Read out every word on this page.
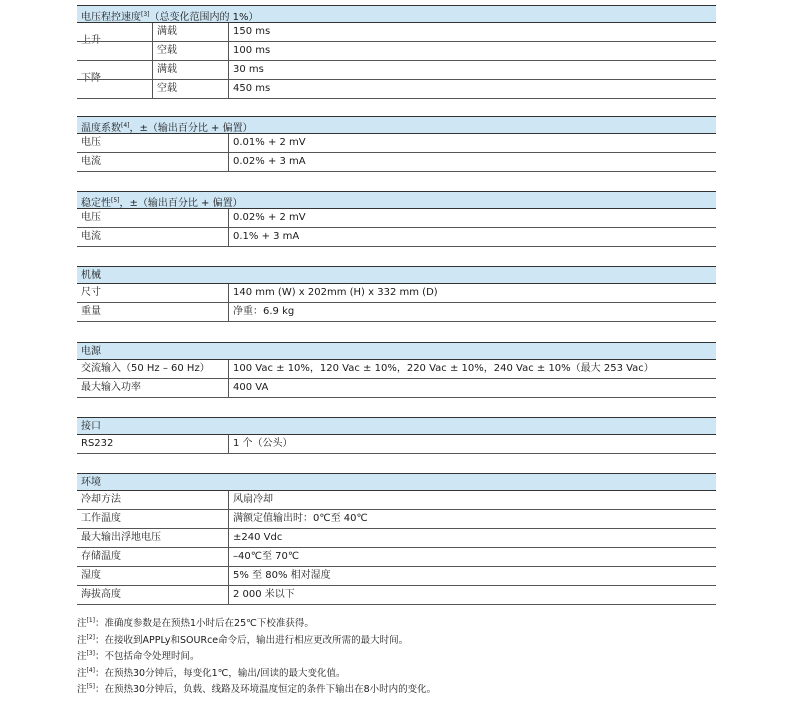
电压程控速度[3]（总变化范围内的 1%）
上升
满载	150 ms
空载	100 ms
下降
满载	30 ms
空载	450 ms
温度系数[4]，±（输出百分比 + 偏置）
电压	0.01% + 2 mV
电流	0.02% + 3 mA
稳定性[5]，±（输出百分比 + 偏置）
电压	0.02% + 2 mV
电流	0.1% + 3 mA
机械
尺寸	140 mm (W) x 202mm (H) x 332 mm (D)
重量	净重：6.9 kg
电源
交流输入（50 Hz – 60 Hz） 100 Vac ± 10%，120 Vac ± 10%，220 Vac ± 10%，240 Vac ± 10%（最大 253 Vac）
最大输入功率	400 VA
接口
RS232	1 个（公头）
环境
冷却方法	风扇冷却
工作温度	满额定值输出时：0℃至 40℃
最大输出浮地电压	±240 Vdc
存储温度	–40℃至 70℃
湿度	5% 至 80% 相对湿度
海拔高度	2 000 米以下
注[1]：准确度参数是在预热1小时后在25℃下校准获得。
注[2]：在接收到APPLy和SOURce命令后，输出进行相应更改所需的最大时间。
注[3]：不包括命令处理时间。
注[4]：在预热30分钟后，每变化1℃，输出/回读的最大变化值。
注[5]：在预热30分钟后，负载、线路及环境温度恒定的条件下输出在8小时内的变化。
